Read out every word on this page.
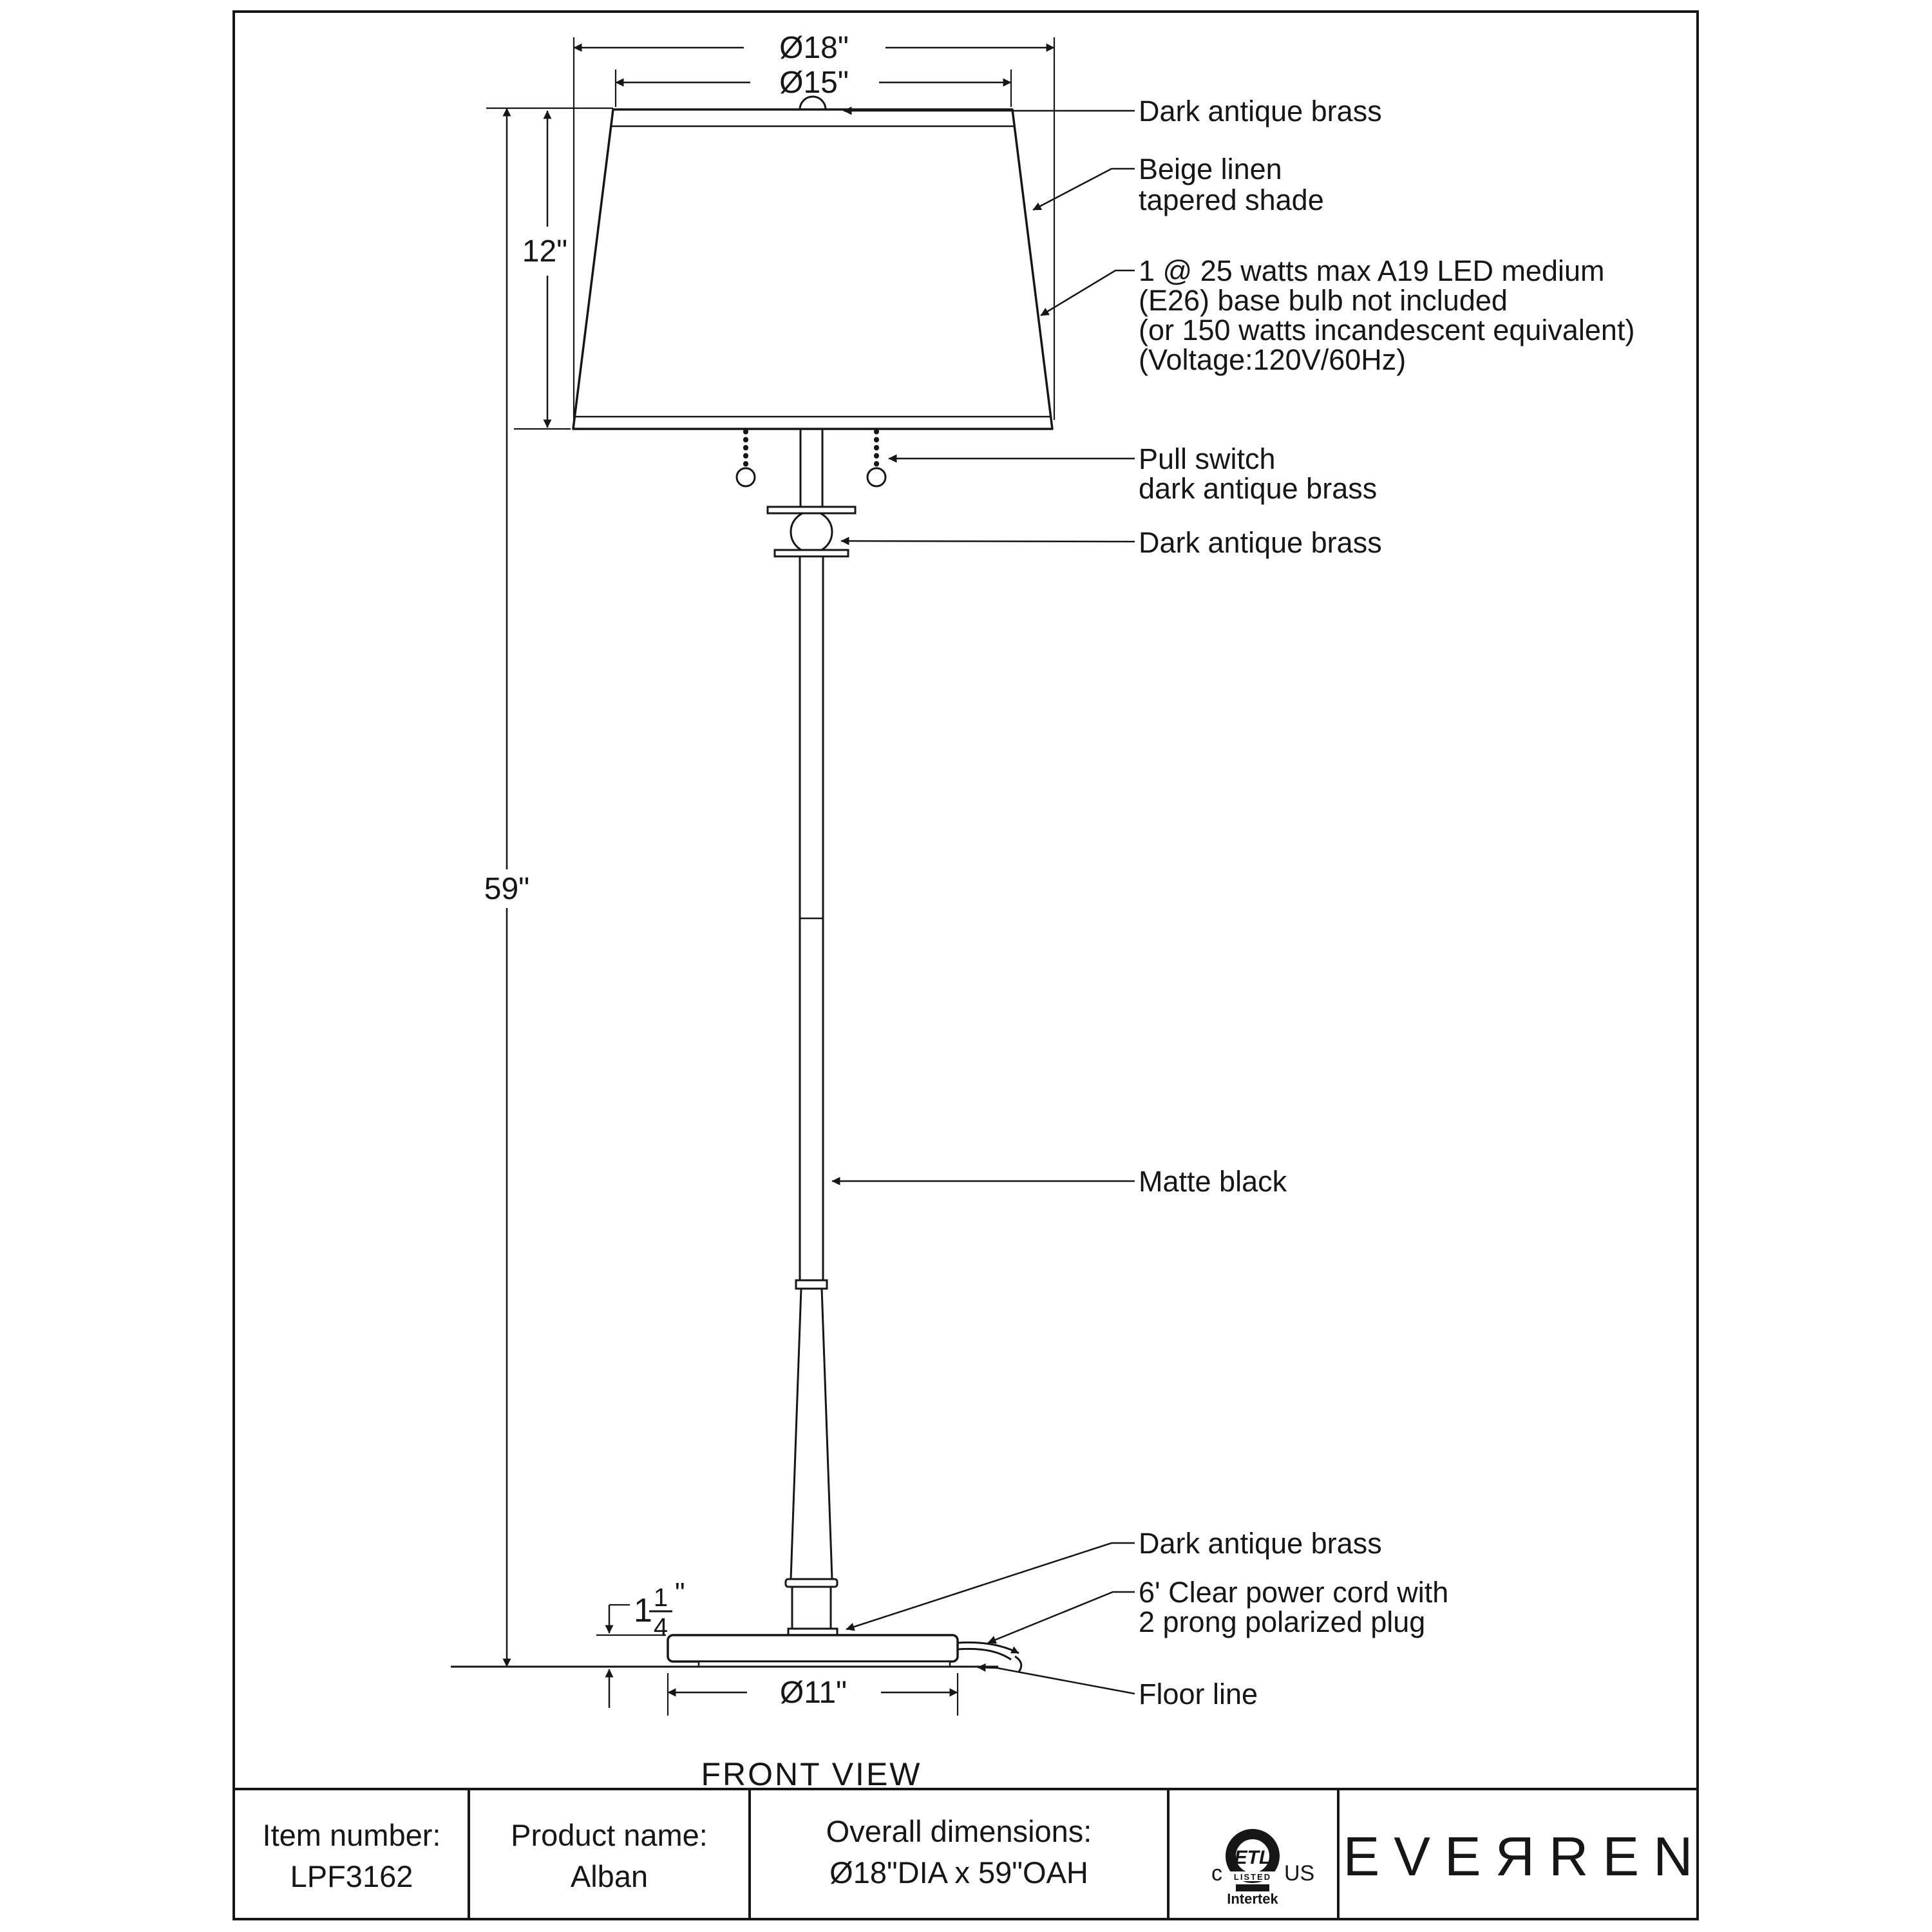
Ø18"
Ø15"
12"
59"
1 1
4
"
Ø11"
FRONT VIEW
Dark antique brass
Beige linen
tapered shade
1 @ 25 watts max A19 LED medium
(E26) base bulb not included
(or 150 watts incandescent equivalent)
(Voltage:120V/60Hz)
Pull switch
dark antique brass
Dark antique brass
Matte black
Dark antique brass
6' Clear power cord with
2 prong polarized plug
Floor line
Item number:
LPF3162
Product name:
Alban
Overall dimensions:
Ø18"DIA x 59"OAH	ETL
LISTED
c	US
Intertek
EVEЯREN
